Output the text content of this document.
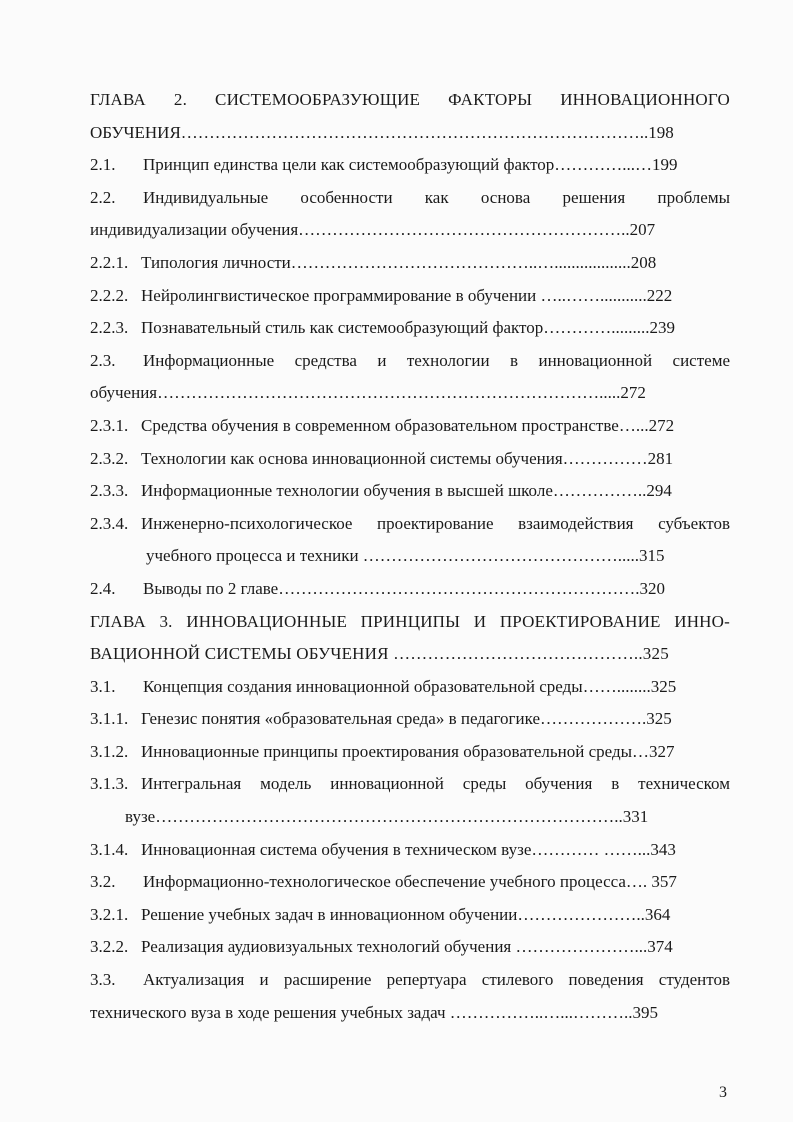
ГЛАВА 2. СИСТЕМООБРАЗУЮЩИЕ ФАКТОРЫ ИННОВАЦИОННОГО
ОБУЧЕНИЯ………………………………………………………………………..198
2.1. Принцип единства цели как системообразующий фактор…………...…199
2.2. Индивидуальные особенности как основа решения проблемы
индивидуализации обучения…………………………………………………..207
2.2.1. Типология личности……………………………………..…..................208
2.2.2. Нейролингвистическое программирование в обучении …..……...........222
2.2.3. Познавательный стиль как системообразующий фактор………….........239
2.3. Информационные средства и технологии в инновационной системе
обучения…………………………………………………………………….....272
2.3.1. Средства обучения в современном образовательном пространстве…...272
2.3.2. Технологии как основа инновационной системы обучения……………281
2.3.3. Информационные технологии обучения в высшей школе……………..294
2.3.4. Инженерно-психологическое проектирование взаимодействия субъектов
учебного процесса и техники ……………………………………….....315
2.4. Выводы по 2 главе……………………………………………………….320
ГЛАВА 3. ИННОВАЦИОННЫЕ ПРИНЦИПЫ И ПРОЕКТИРОВАНИЕ ИННО-
ВАЦИОННОЙ СИСТЕМЫ ОБУЧЕНИЯ ……………………………………..325
3.1. Концепция создания инновационной образовательной среды……........325
3.1.1. Генезис понятия «образовательная среда» в педагогике……………….325
3.1.2. Инновационные принципы проектирования образовательной среды…327
3.1.3. Интегральная модель инновационной среды обучения в техническом
вузе………………………………………………………………………..331
3.1.4. Инновационная система обучения в техническом вузе………… ……...343
3.2. Информационно-технологическое обеспечение учебного процесса…. 357
3.2.1. Решение учебных задач в инновационном обучении…………………..364
3.2.2. Реализация аудиовизуальных технологий обучения …………………...374
3.3. Актуализация и расширение репертуара стилевого поведения студентов
технического вуза в ходе решения учебных задач ……………..…...………..395
3
